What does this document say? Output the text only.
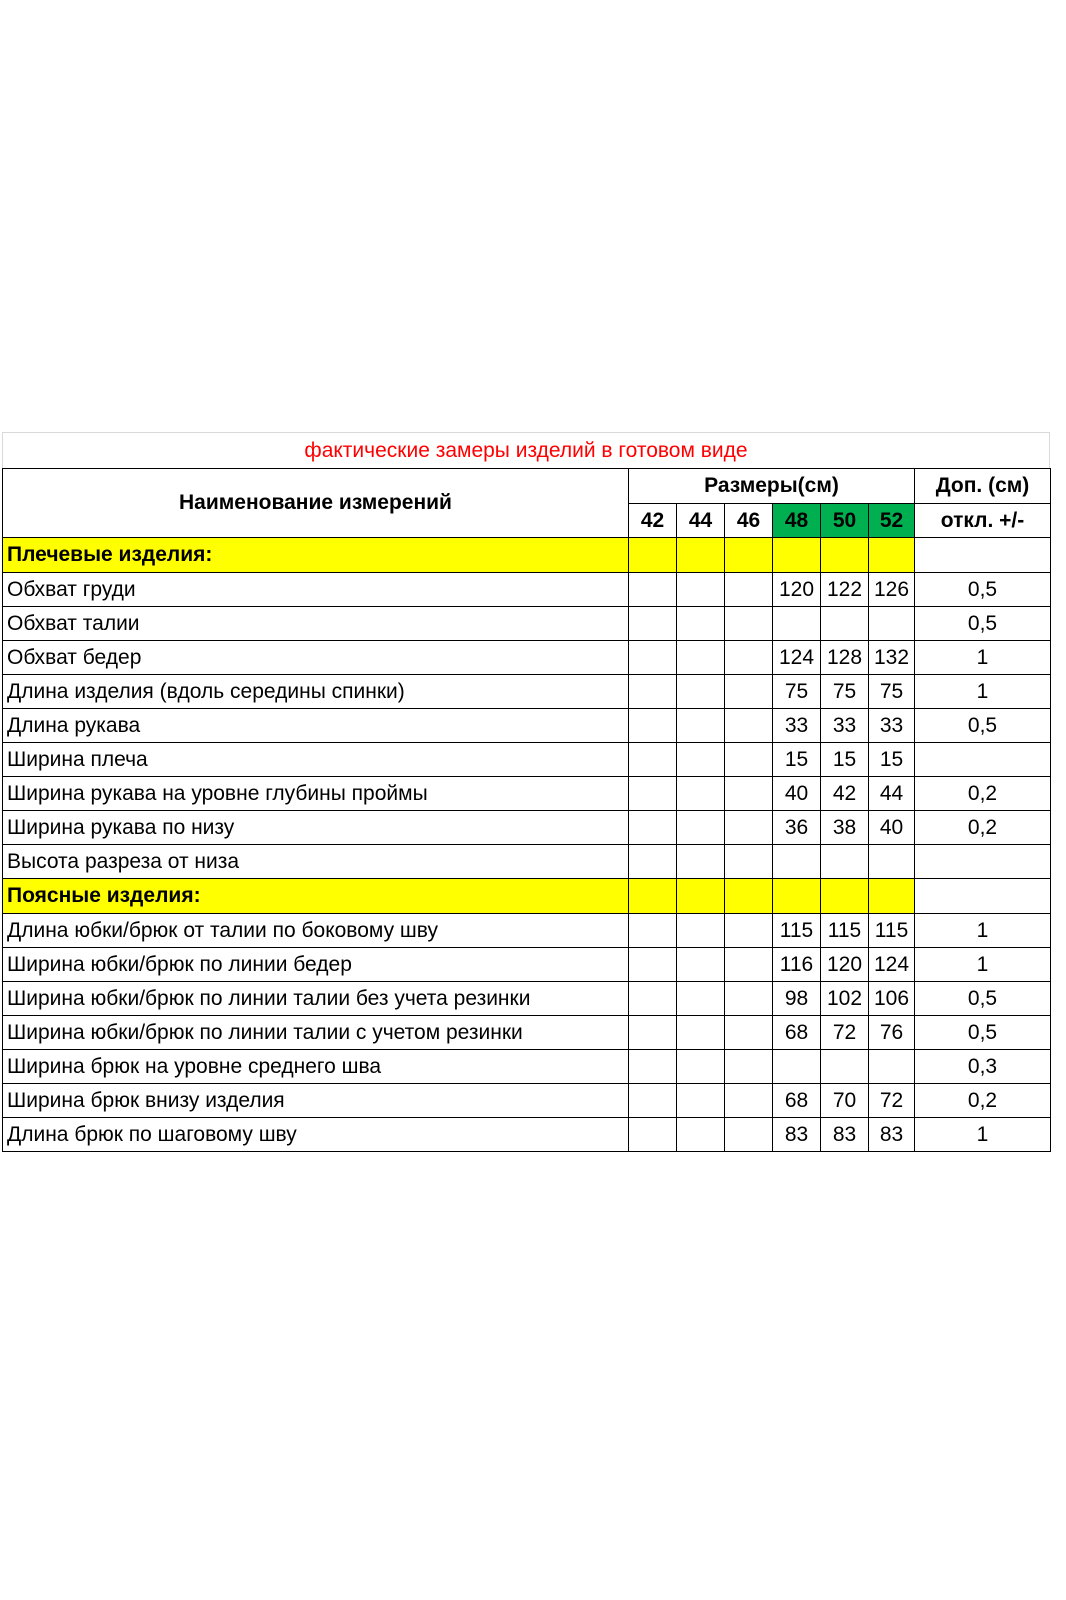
фактические замеры изделий в готовом виде
Наименование измерений	Размеры(см)						Доп. (см)
	42	44	46	48	50	52	откл. +/-
Плечевые изделия:							
Обхват груди				120	122	126	0,5
Обхват талии							0,5
Обхват бедер				124	128	132	1
Длина изделия (вдоль середины спинки)				75	75	75	1
Длина рукава				33	33	33	0,5
Ширина плеча				15	15	15	
Ширина рукава на уровне глубины проймы				40	42	44	0,2
Ширина рукава по низу				36	38	40	0,2
Высота разреза от низа							
Поясные изделия:							
Длина юбки/брюк от талии по боковому шву				115	115	115	1
Ширина юбки/брюк по линии бедер				116	120	124	1
Ширина юбки/брюк по линии талии без учета резинки				98	102	106	0,5
Ширина юбки/брюк по линии талии с учетом резинки				68	72	76	0,5
Ширина брюк на уровне среднего шва							0,3
Ширина брюк внизу изделия				68	70	72	0,2
Длина брюк по шаговому шву				83	83	83	1
